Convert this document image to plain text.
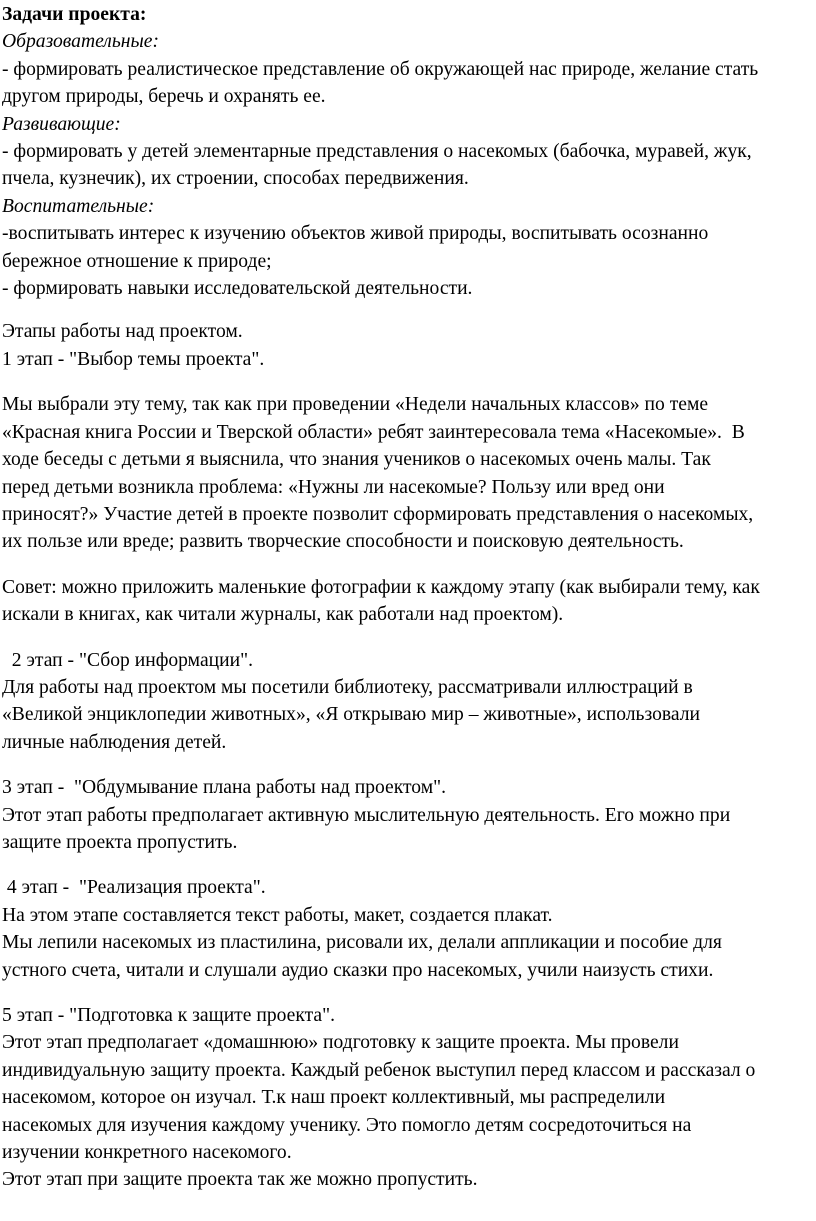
Задачи проекта:
Образовательные:
- формировать реалистическое представление об окружающей нас природе, желание стать
другом природы, беречь и охранять ее.
Развивающие:
- формировать у детей элементарные представления о насекомых (бабочка, муравей, жук,
пчела, кузнечик), их строении, способах передвижения.
Воспитательные:
-воспитывать интерес к изучению объектов живой природы, воспитывать осознанно
бережное отношение к природе;
- формировать навыки исследовательской деятельности.
Этапы работы над проектом.
1 этап - "Выбор темы проекта".
Мы выбрали эту тему, так как при проведении «Недели начальных классов» по теме
«Красная книга России и Тверской области» ребят заинтересовала тема «Насекомые».  В
ходе беседы с детьми я выяснила, что знания учеников о насекомых очень малы. Так
перед детьми возникла проблема: «Нужны ли насекомые? Пользу или вред они
приносят?» Участие детей в проекте позволит сформировать представления о насекомых,
их пользе или вреде; развить творческие способности и поисковую деятельность.
Совет: можно приложить маленькие фотографии к каждому этапу (как выбирали тему, как
искали в книгах, как читали журналы, как работали над проектом).
2 этап - "Сбор информации".
Для работы над проектом мы посетили библиотеку, рассматривали иллюстраций в
«Великой энциклопедии животных», «Я открываю мир – животные», использовали
личные наблюдения детей.
3 этап -  "Обдумывание плана работы над проектом".
Этот этап работы предполагает активную мыслительную деятельность. Его можно при
защите проекта пропустить.
4 этап -  "Реализация проекта".
На этом этапе составляется текст работы, макет, создается плакат.
Мы лепили насекомых из пластилина, рисовали их, делали аппликации и пособие для
устного счета, читали и слушали аудио сказки про насекомых, учили наизусть стихи.
5 этап - "Подготовка к защите проекта".
Этот этап предполагает «домашнюю» подготовку к защите проекта. Мы провели
индивидуальную защиту проекта. Каждый ребенок выступил перед классом и рассказал о
насекомом, которое он изучал. Т.к наш проект коллективный, мы распределили
насекомых для изучения каждому ученику. Это помогло детям сосредоточиться на
изучении конкретного насекомого.
Этот этап при защите проекта так же можно пропустить.
